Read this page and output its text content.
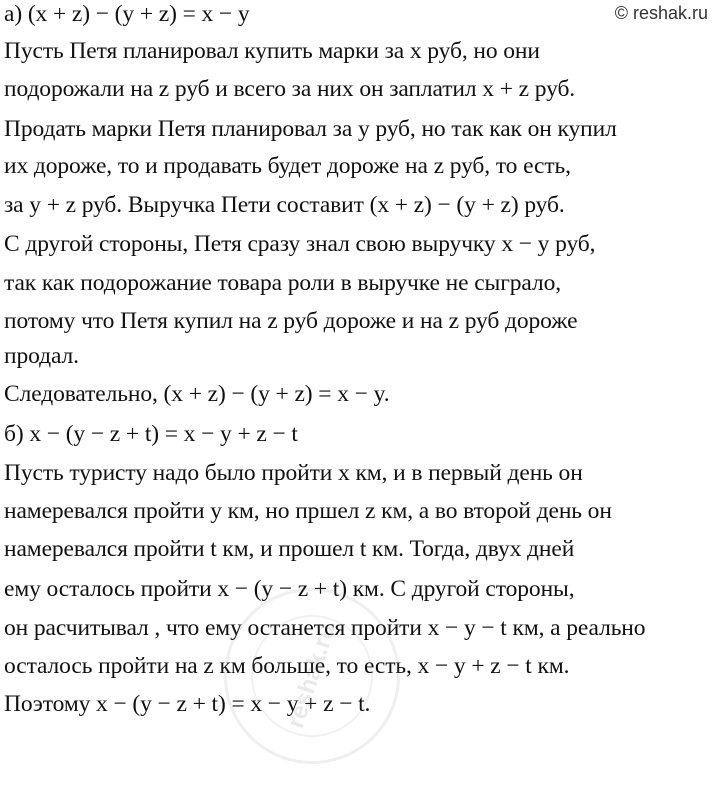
© reshak.ru
а) (x + z) − (y + z) = x − y
Пусть Петя планировал купить марки за x руб, но они
подорожали на z руб и всего за них он заплатил x + z руб.
Продать марки Петя планировал за y руб, но так как он купил
их дороже, то и продавать будет дороже на z руб, то есть,
за y + z руб. Выручка Пети составит (x + z) − (y + z) руб.
С другой стороны, Петя сразу знал свою выручку x − y руб,
так как подорожание товара роли в выручке не сыграло,
потому что Петя купил на z руб дороже и на z руб дороже
продал.
Следовательно, (x + z) − (y + z) = x − y.
б) x − (y − z + t) = x − y + z − t
Пусть туристу надо было пройти x км, и в первый день он
намеревался пройти y км, но пршел z км, а во второй день он
намеревался пройти t км, и прошел t км. Тогда, двух дней
ему осталось пройти x − (y − z + t) км. С другой стороны,
он расчитывал , что ему останется пройти x − y − t км, а реально
осталось пройти на z км больше, то есть, x − y + z − t км.
Поэтому x − (y − z + t) = x − y + z − t.
reshak.ru
